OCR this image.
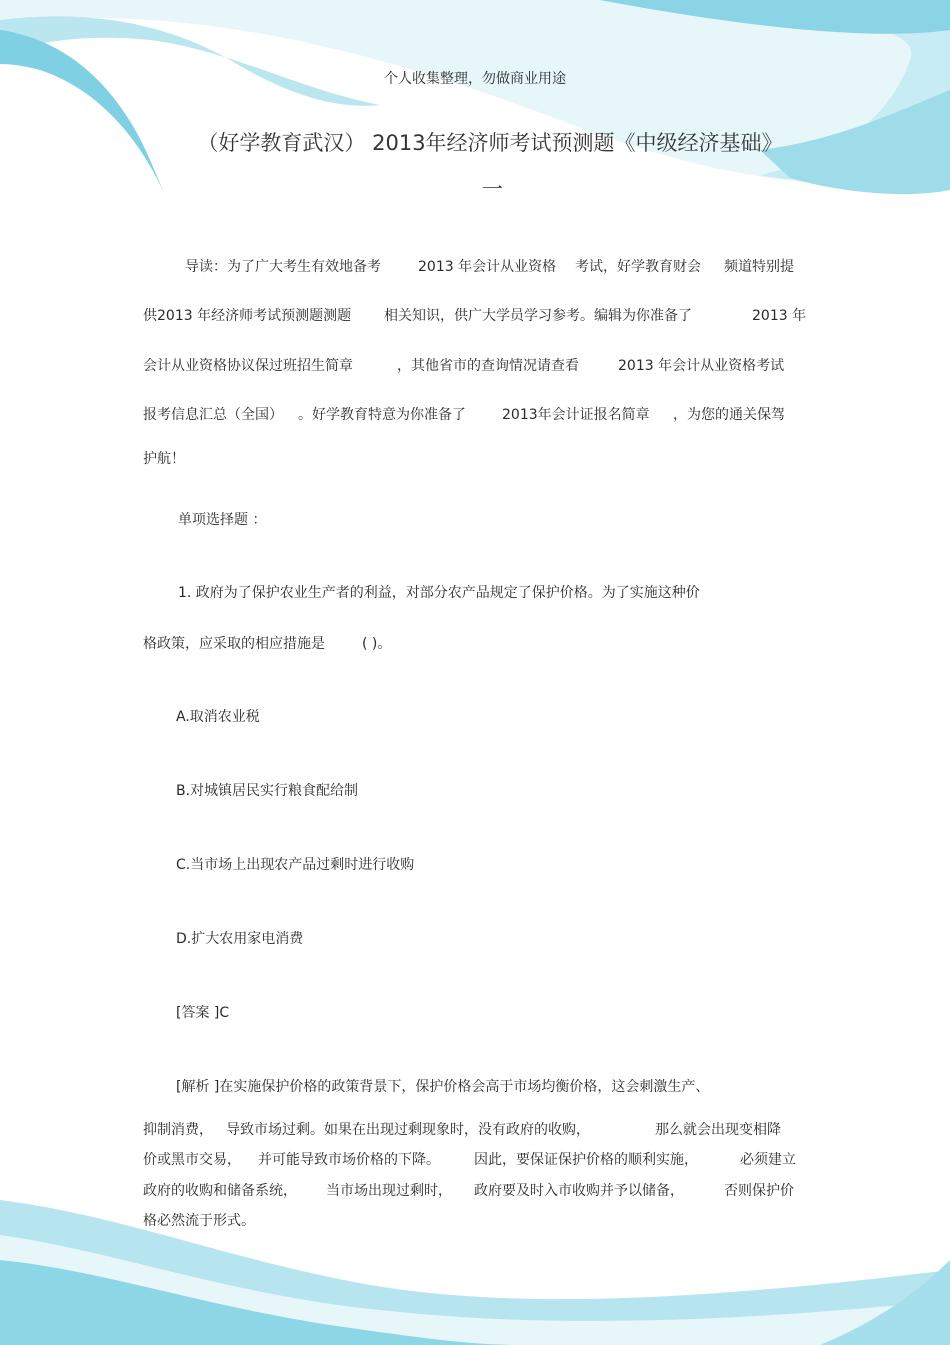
个人收集整理，勿做商业用途
（好学教育武汉） 2013年经济师考试预测题《中级经济基础》
一
导读：为了广大考生有效地备考	2013 年会计从业资格 考试，好学教育财会 频道特别提
供2013 年经济师考试预测题测题 相关知识，供广大学员学习参考。编辑为你准备了	2013 年
会计从业资格协议保过班招生简章	，其他省市的查询情况请查看	2013 年会计从业资格考试
报考信息汇总（全国） 。好学教育特意为你准备了	2013年会计证报名简章 ，为您的通关保驾
护航！
单项选择题 ：
1. 政府为了保护农业生产者的利益，对部分农产品规定了保护价格。为了实施这种价
格政策，应采取的相应措施是	( )。
A.取消农业税
B.对城镇居民实行粮食配给制
C.当市场上出现农产品过剩时进行收购
D.扩大农用家电消费
[答案 ]C
[解析 ]在实施保护价格的政策背景下，保护价格会高于市场均衡价格，这会刺激生产、
抑制消费， 导致市场过剩。如果在出现过剩现象时，没有政府的收购，	那么就会出现变相降
价或黑市交易， 并可能导致市场价格的下降。 因此，要保证保护价格的顺利实施，	必须建立
政府的收购和储备系统， 当市场出现过剩时， 政府要及时入市收购并予以储备，	否则保护价
格必然流于形式。
